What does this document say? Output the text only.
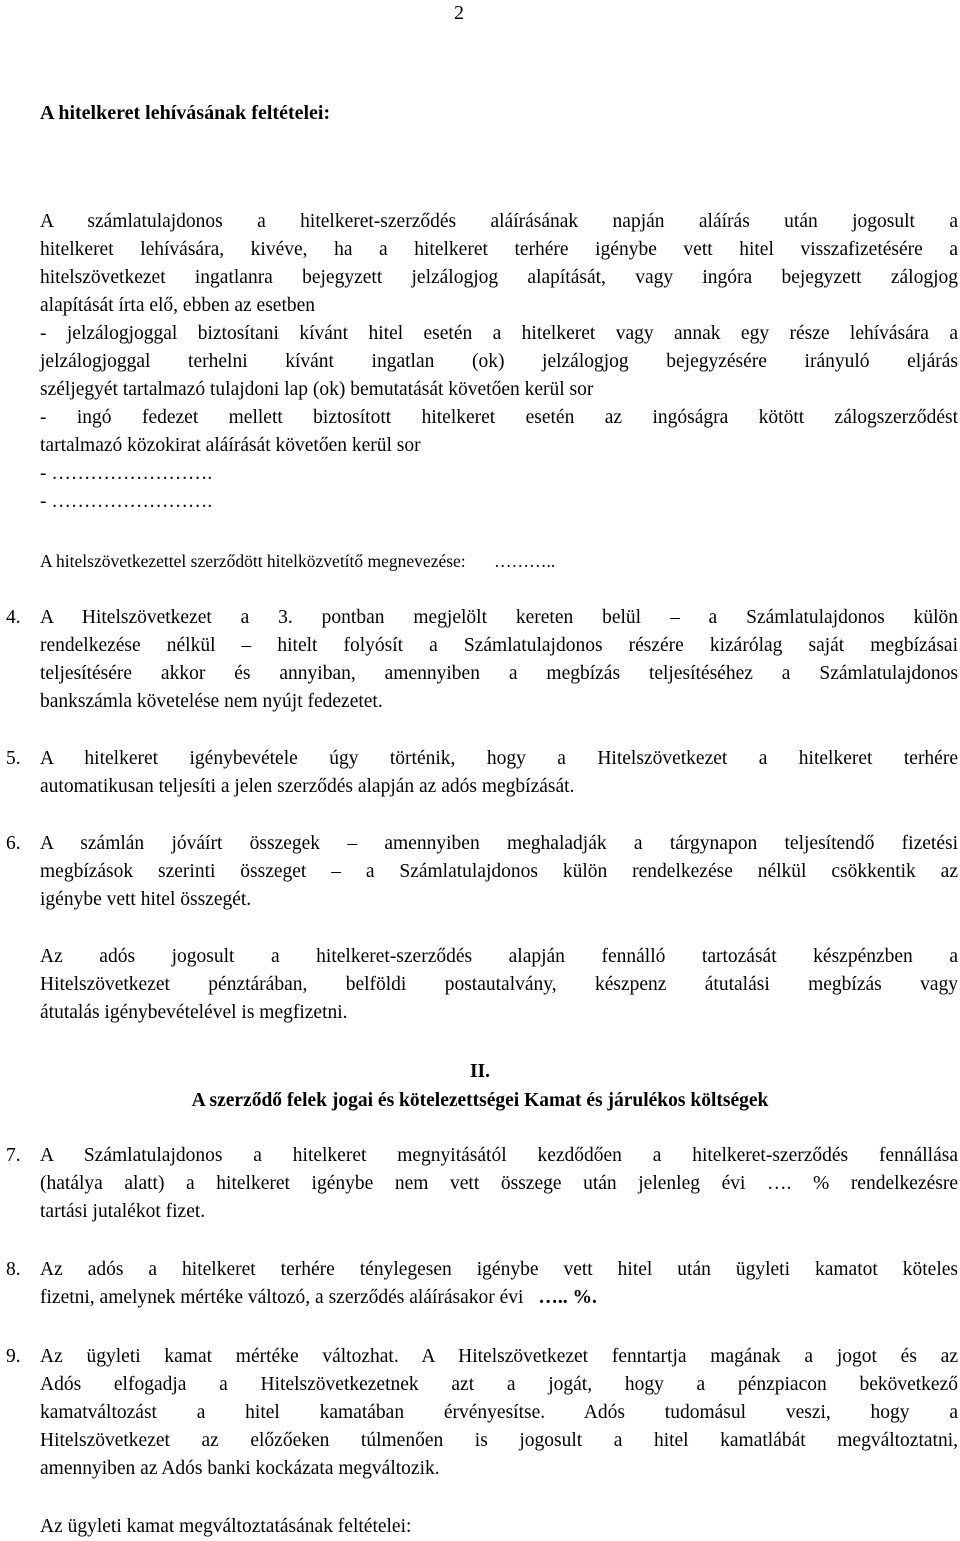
2
A hitelkeret lehívásának feltételei:
A számlatulajdonos a hitelkeret-szerződés aláírásának napján aláírás után jogosult a
hitelkeret lehívására, kivéve, ha a hitelkeret terhére igénybe vett hitel visszafizetésére a
hitelszövetkezet ingatlanra bejegyzett jelzálogjog alapítását, vagy ingóra bejegyzett zálogjog
alapítását írta elő, ebben az esetben
- jelzálogjoggal biztosítani kívánt hitel esetén a hitelkeret vagy annak egy része lehívására a
jelzálogjoggal terhelni kívánt ingatlan (ok) jelzálogjog bejegyzésére irányuló eljárás
széljegyét tartalmazó tulajdoni lap (ok) bemutatását követően kerül sor
- ingó fedezet mellett biztosított hitelkeret esetén az ingóságra kötött zálogszerződést
tartalmazó közokirat aláírását követően kerül sor
- …………………….
- …………………….
A hitelszövetkezettel szerződött hitelközvetítő megnevezése: ………..
4. A Hitelszövetkezet a 3. pontban megjelölt kereten belül – a Számlatulajdonos külön
rendelkezése nélkül – hitelt folyósít a Számlatulajdonos részére kizárólag saját megbízásai
teljesítésére akkor és annyiban, amennyiben a megbízás teljesítéséhez a Számlatulajdonos
bankszámla követelése nem nyújt fedezetet.
5. A hitelkeret igénybevétele úgy történik, hogy a Hitelszövetkezet a hitelkeret terhére
automatikusan teljesíti a jelen szerződés alapján az adós megbízását.
6. A számlán jóváírt összegek – amennyiben meghaladják a tárgynapon teljesítendő fizetési
megbízások szerinti összeget – a Számlatulajdonos külön rendelkezése nélkül csökkentik az
igénybe vett hitel összegét.
Az adós jogosult a hitelkeret-szerződés alapján fennálló tartozását készpénzben a
Hitelszövetkezet pénztárában, belföldi postautalvány, készpenz átutalási megbízás vagy
átutalás igénybevételével is megfizetni.
II.
A szerződő felek jogai és kötelezettségei Kamat és járulékos költségek
7. A Számlatulajdonos a hitelkeret megnyitásától kezdődően a hitelkeret-szerződés fennállása
(hatálya alatt) a hitelkeret igénybe nem vett összege után jelenleg évi …. % rendelkezésre
tartási jutalékot fizet.
8. Az adós a hitelkeret terhére ténylegesen igénybe vett hitel után ügyleti kamatot köteles
fizetni, amelynek mértéke változó, a szerződés aláírásakor évi ….. %.
9. Az ügyleti kamat mértéke változhat. A Hitelszövetkezet fenntartja magának a jogot és az
Adós elfogadja a Hitelszövetkezetnek azt a jogát, hogy a pénzpiacon bekövetkező
kamatváltozást a hitel kamatában érvényesítse. Adós tudomásul veszi, hogy a
Hitelszövetkezet az előzőeken túlmenően is jogosult a hitel kamatlábát megváltoztatni,
amennyiben az Adós banki kockázata megváltozik.
Az ügyleti kamat megváltoztatásának feltételei:
